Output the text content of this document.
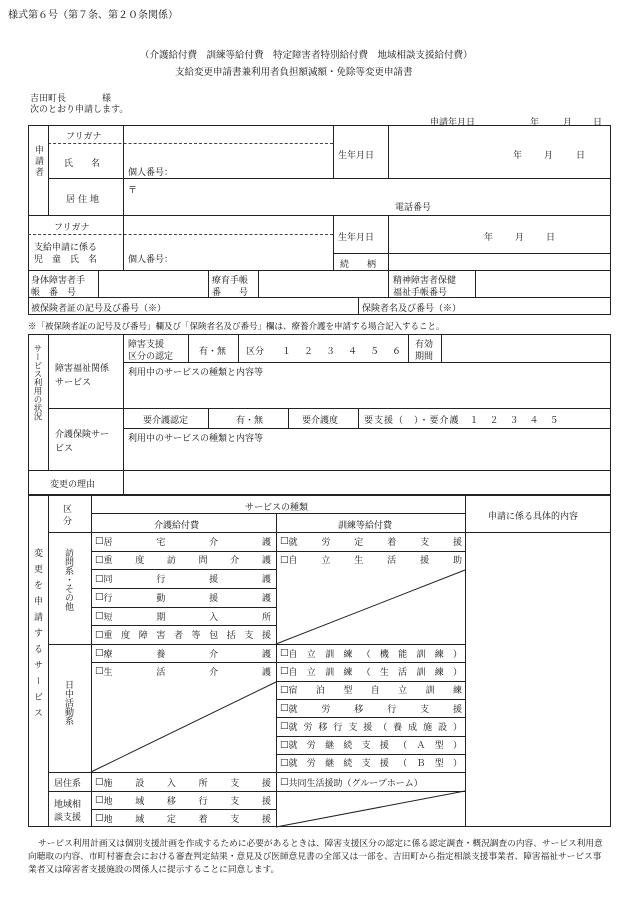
様式第６号（第７条、第２０条関係）
（介護給付費　訓練等給付費　特定障害者特別給付費　地域相談支援給付費）
支給変更申請書兼利用者負担額減額・免除等変更申請書
吉田町長　　　　様
次のとおり申請します。
申請年月日	年	月 日
申請者
フリガナ
氏　　名
個人番号：
生年月日	年 月	日
居住地
〒
電話番号
フリガナ
支給申請に係る
児　童　氏　名	個人番号：
生年月日	年 月 日
続　　柄
身体障害者手
帳　番　号
療育手帳
番　　号
精神障害者保健
福祉手帳番号
被保険者証の記号及び番号（※）	保険者名及び番号（※）
※「被保険者証の記号及び番号」欄及び「保険者名及び番号」欄は、療養介護を申請する場合記入すること。
サービス利用の状況 障害福祉関係サービス
障害支援
区分の認定	有・無 区分 １　２　３　４　５　６
有効
期間
利用中のサービスの種類と内容等
介護保険サービス
要介護認定	有・無	要介護度	要支援（　）・要介護　１　２　３　４　５
利用中のサービスの種類と内容等
変更の理由
変更を申請するサービス
区分
サービスの種類
介護給付費	訓練等給付費
申請に係る具体的内容
訪問系・その他
日中活動系
居住系
地域相
談支援
□
居宅介護
□
重度訪問介護
□
同行援護
□
行動援護
□
短期入所
□
重度障害者等包括支援
□
就労定着支援
□
自立生活援助
□
療養介護
□
生活介護
□
自立訓練（機能訓練）
□
自立訓練（生活訓練）
□
宿泊型自立訓練
□
就労移行支援
□
就労移行支援（養成施設）
□
就労継続支援（Ａ型）
□
就労継続支援（Ｂ型）
□
地域移行支援
□
地域定着支援
□
施設入所支援
□ 共同生活援助（グループホーム）
サービス利用計画又は個別支援計画を作成するために必要があるときは、障害支援区分の認定に係る認定調査・概況調査の内容、サービス利用意向聴取の内容、市町村審査会における審査判定結果・意見及び医師意見書の全部又は一部を、吉田町から指定相談支援事業者、障害福祉サービス事業者又は障害者支援施設の関係人に提示することに同意します。
